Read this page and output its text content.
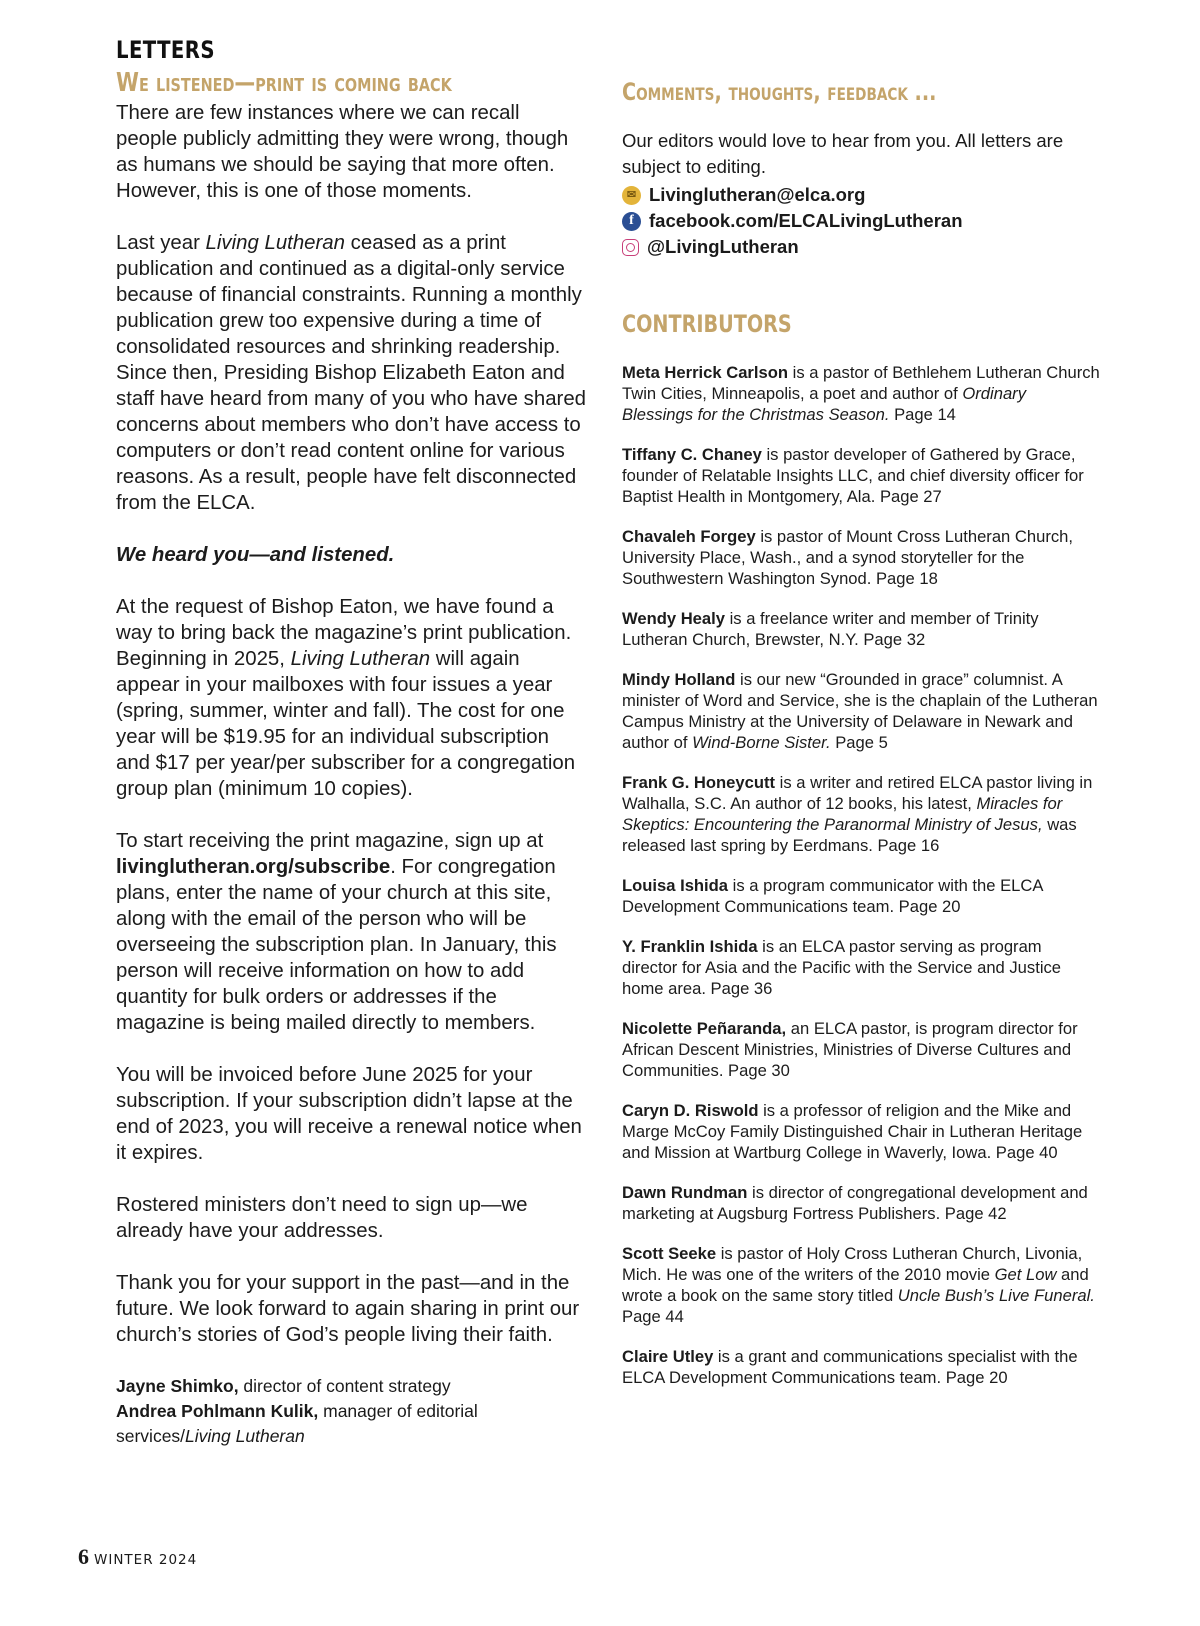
LETTERS
We listened—print is coming back

There are few instances where we can recall people publicly admitting they were wrong, though as humans we should be saying that more often. However, this is one of those moments.

Last year Living Lutheran ceased as a print publication and continued as a digital-only service because of financial constraints. Running a monthly publication grew too expensive during a time of consolidated resources and shrinking readership. Since then, Presiding Bishop Elizabeth Eaton and staff have heard from many of you who have shared concerns about members who don’t have access to computers or don’t read content online for various reasons. As a result, people have felt disconnected from the ELCA.

We heard you—and listened.

At the request of Bishop Eaton, we have found a way to bring back the magazine’s print publication. Beginning in 2025, Living Lutheran will again appear in your mailboxes with four issues a year (spring, summer, winter and fall). The cost for one year will be $19.95 for an individual subscription and $17 per year/per subscriber for a congregation group plan (minimum 10 copies).

To start receiving the print magazine, sign up at livinglutheran.org/subscribe. For congregation plans, enter the name of your church at this site, along with the email of the person who will be overseeing the subscription plan. In January, this person will receive information on how to add quantity for bulk orders or addresses if the magazine is being mailed directly to members.

You will be invoiced before June 2025 for your subscription. If your subscription didn’t lapse at the end of 2023, you will receive a renewal notice when it expires.

Rostered ministers don’t need to sign up—we already have your addresses.

Thank you for your support in the past—and in the future. We look forward to again sharing in print our church’s stories of God’s people living their faith.

Jayne Shimko, director of content strategy
Andrea Pohlmann Kulik, manager of editorial services/Living Lutheran
Comments, thoughts, feedback ...
Our editors would love to hear from you. All letters are subject to editing.
✉ Livinglutheran@elca.org
f facebook.com/ELCALivingLutheran
@LivingLutheran
CONTRIBUTORS
Meta Herrick Carlson is a pastor of Bethlehem Lutheran Church Twin Cities, Minneapolis, a poet and author of Ordinary Blessings for the Christmas Season. Page 14
Tiffany C. Chaney is pastor developer of Gathered by Grace, founder of Relatable Insights LLC, and chief diversity officer for Baptist Health in Montgomery, Ala. Page 27
Chavaleh Forgey is pastor of Mount Cross Lutheran Church, University Place, Wash., and a synod storyteller for the Southwestern Washington Synod. Page 18
Wendy Healy is a freelance writer and member of Trinity Lutheran Church, Brewster, N.Y. Page 32
Mindy Holland is our new “Grounded in grace” columnist. A minister of Word and Service, she is the chaplain of the Lutheran Campus Ministry at the University of Delaware in Newark and author of Wind-Borne Sister. Page 5
Frank G. Honeycutt is a writer and retired ELCA pastor living in Walhalla, S.C. An author of 12 books, his latest, Miracles for Skeptics: Encountering the Paranormal Ministry of Jesus, was released last spring by Eerdmans. Page 16
Louisa Ishida is a program communicator with the ELCA Development Communications team. Page 20
Y. Franklin Ishida is an ELCA pastor serving as program director for Asia and the Pacific with the Service and Justice home area. Page 36
Nicolette Peñaranda, an ELCA pastor, is program director for African Descent Ministries, Ministries of Diverse Cultures and Communities. Page 30
Caryn D. Riswold is a professor of religion and the Mike and Marge McCoy Family Distinguished Chair in Lutheran Heritage and Mission at Wartburg College in Waverly, Iowa. Page 40
Dawn Rundman is director of congregational development and marketing at Augsburg Fortress Publishers. Page 42
Scott Seeke is pastor of Holy Cross Lutheran Church, Livonia, Mich. He was one of the writers of the 2010 movie Get Low and wrote a book on the same story titled Uncle Bush’s Live Funeral. Page 44
Claire Utley is a grant and communications specialist with the ELCA Development Communications team. Page 20
6 WINTER 2024
